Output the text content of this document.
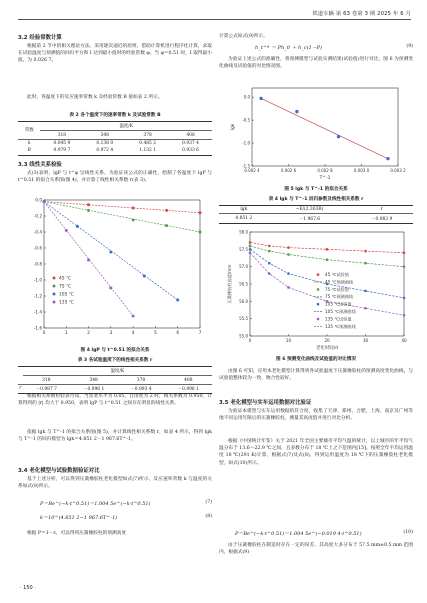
铁道车辆 第 63 卷第 3 期 2025 年 6 月
3.2 经验常数计算
根据第 2 节中的相关理论方法，采用逐次逼近的原则，借助计算机进行程序化计算，求取在试验温度与预测值的回归平方和 I 达到最小值时的经验常数 φ。当 φ＝0.51 时，I 取得最小值，为 0.026 7。
此时，各温度下的反应速率常数 k 及经验常数 B 值如表 2 所示。
表 2 各个温度下的速率常数 k 及试验常数 B
常数	温度/K			
	318	348	378	408
k	0.045 9	0.138 0	0.485 2	0.937 4
B	0.979 7	0.972 4	1.132 1	0.933 6
3.3 线性关系检验
式(3)表明，lgP 与 t^φ 呈线性关系。为验证该公式的正确性，绘制了各温度下 lgP 与 t^0.51 的拟合关系图(图 4)，并计算了线性相关系数 r(表 3)。
0	1	2	3	4	5	6	7
0.0
-0.2
-0.4
-0.6
-0.8
-1.0
-1.2
-1.4
-1.6
45 ℃
75 ℃
105 ℃
135 ℃
图 4 lgP 与 t^0.51 的拟合关系
表 3 各试验温度下的线性相关系数 r
	温度/K			
	318	348	378	408
r	－0.987 7	－0.996 1	－0.993 4	－0.996 1
根据相关系数检验表可知，当显著水平为 0.05，自由度为 2 时，相关系数为 0.950，计算得到的 |r| 均大于 0.950，表明 lgP 与 t^0.51 之间存在明显的线性关系。
依据 lgk 与 T^-1 的拟合关系图(图 5)，并计算线性相关系数 r，如表 4 所示，得到 lgk 与 T^-1 的回归模型为 lgk＝4.851 2－1 967.6T^-1。
3.4 老化模型与试验数据验证对比
基于上述分析，可以得到压簧橡胶柱老化模型如式(7)所示，反应速率常数 k 与温度的关系如式(8)所示。
P＝Be^(−k·t^0.51)＝1.004 5e^(−k·t^0.51)	(7)
k＝10^(4.851 2−1 967.6T^-1)	(8)
根据 P＝1－ε，可以得到压簧橡胶柱的预测高度
计算公式如式(9)所示。
h_t^* ＝ Ph_0 ＋ h_c(1－P)	(9)
为验证上述公式的准确性，将预测模型与试验实测结果(试验值)进行对比，图 6 为预测变化曲线及试验值的对比情况图。
0.002 4	0.002 6	0.002 8	0.003 0	0.003 2
0.0
-0.5
-1.0
-1.5
lgk
T^-1
图 5 lgk 与 T^-1 的拟合关系
表 4 lgk 与 T^-1 回归参数及线性相关系数 r
lgk	−E/(2.303R)	r
4.851 2	－1 967.6	－0.983 9
0	10	20	30	40
55.0
55.5
56.0
56.5
57.0
57.5
58.0
压簧橡胶柱高度/mm
老化时间/d
45 ℃试验值
45 ℃预测曲线
75 ℃试验值
75 ℃预测曲线
105 ℃试验值
105 ℃预测曲线
135 ℃试验值
135 ℃预测曲线
图 6 预测变化曲线及试验值的对比情况
由图 6 可知，应用本老化模型计算得到各试验温度下压簧橡胶柱的预测高度变化曲线，与试验值整体较为一致，吻合性较好。
3.5 老化模型与实车运用数据对比验证
为验证本模型与实车运用数据的符合度，收集了天津、郑州、合肥、上海、南京及广州等地不同运用年限后的压簧橡胶柱，测量其高度值并进行对比分析。
根据《中国统计年鉴》关于 2021 年全国主要城市平均气温的统计，以上城市的年平均气温分布于 13.6～22.9 ℃之间，且多数分布于 18 ℃上之下范围内[15]。按照全年平均运用温度 18 ℃(291 K)计算，根据式(7)及式(8)，得到运用温度为 18 ℃下的压簧橡胶柱老化模型，如式(10)所示。
P＝Be^(−k·t^0.51)＝1.004 5e^(−0.019 4·t^0.51)	(10)
由于压簧橡胶柱在制造时存在一定的误差，其高度大多分布于 57.5 mm±0.5 mm 范围内，根据式(9)
· 150 ·
